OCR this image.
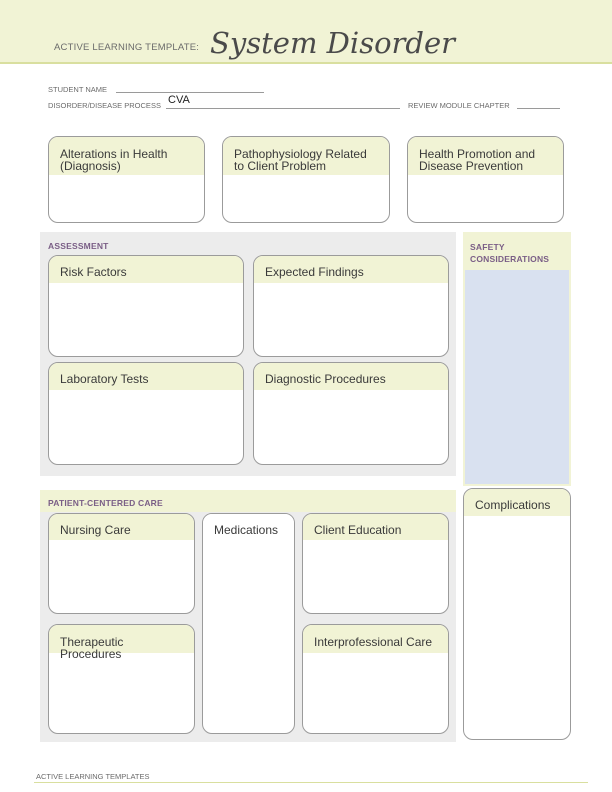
ACTIVE LEARNING TEMPLATE: System Disorder
STUDENT NAME
DISORDER/DISEASE PROCESS CVA	REVIEW MODULE CHAPTER
Alterations in Health (Diagnosis)
Pathophysiology Related to Client Problem
Health Promotion and Disease Prevention
ASSESSMENT
Risk Factors	Expected Findings
Laboratory Tests	Diagnostic Procedures
SAFETY
CONSIDERATIONS
PATIENT-CENTERED CARE
Nursing Care	Medications	Client Education
Therapeutic Procedures
Interprofessional Care
Complications
ACTIVE LEARNING TEMPLATES
